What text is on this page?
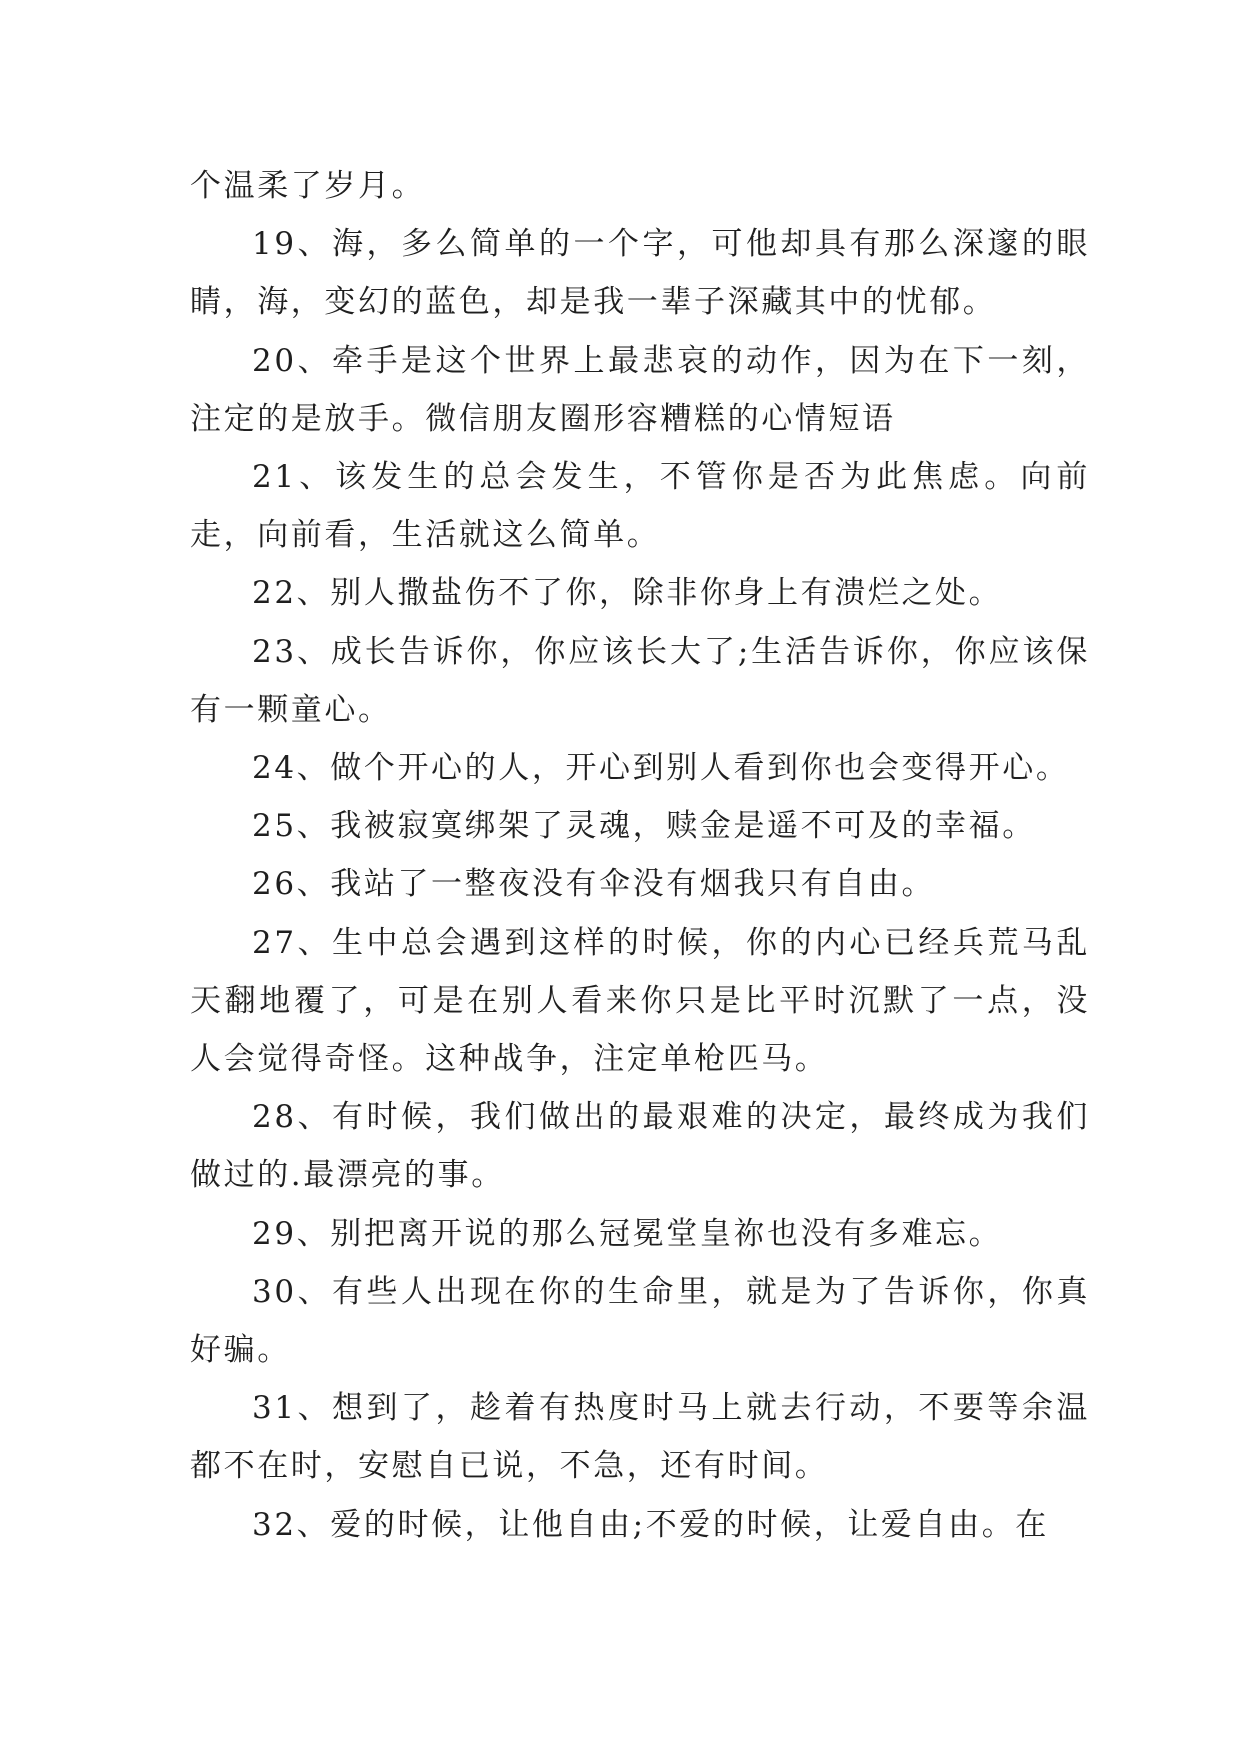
个温柔了岁月。

19、海，多么简单的一个字，可他却具有那么深邃的眼睛，海，变幻的蓝色，却是我一辈子深藏其中的忧郁。

20、牵手是这个世界上最悲哀的动作，因为在下一刻，注定的是放手。微信朋友圈形容糟糕的心情短语

21、该发生的总会发生，不管你是否为此焦虑。向前走，向前看，生活就这么简单。

22、别人撒盐伤不了你，除非你身上有溃烂之处。

23、成长告诉你，你应该长大了;生活告诉你，你应该保有一颗童心。

24、做个开心的人，开心到别人看到你也会变得开心。

25、我被寂寞绑架了灵魂，赎金是遥不可及的幸福。

26、我站了一整夜没有伞没有烟我只有自由。

27、生中总会遇到这样的时候，你的内心已经兵荒马乱天翻地覆了，可是在别人看来你只是比平时沉默了一点，没人会觉得奇怪。这种战争，注定单枪匹马。

28、有时候，我们做出的最艰难的决定，最终成为我们做过的.最漂亮的事。

29、别把离开说的那么冠冕堂皇祢也没有多难忘。

30、有些人出现在你的生命里，就是为了告诉你，你真好骗。

31、想到了，趁着有热度时马上就去行动，不要等余温都不在时，安慰自已说，不急，还有时间。

32、爱的时候，让他自由;不爱的时候，让爱自由。在
